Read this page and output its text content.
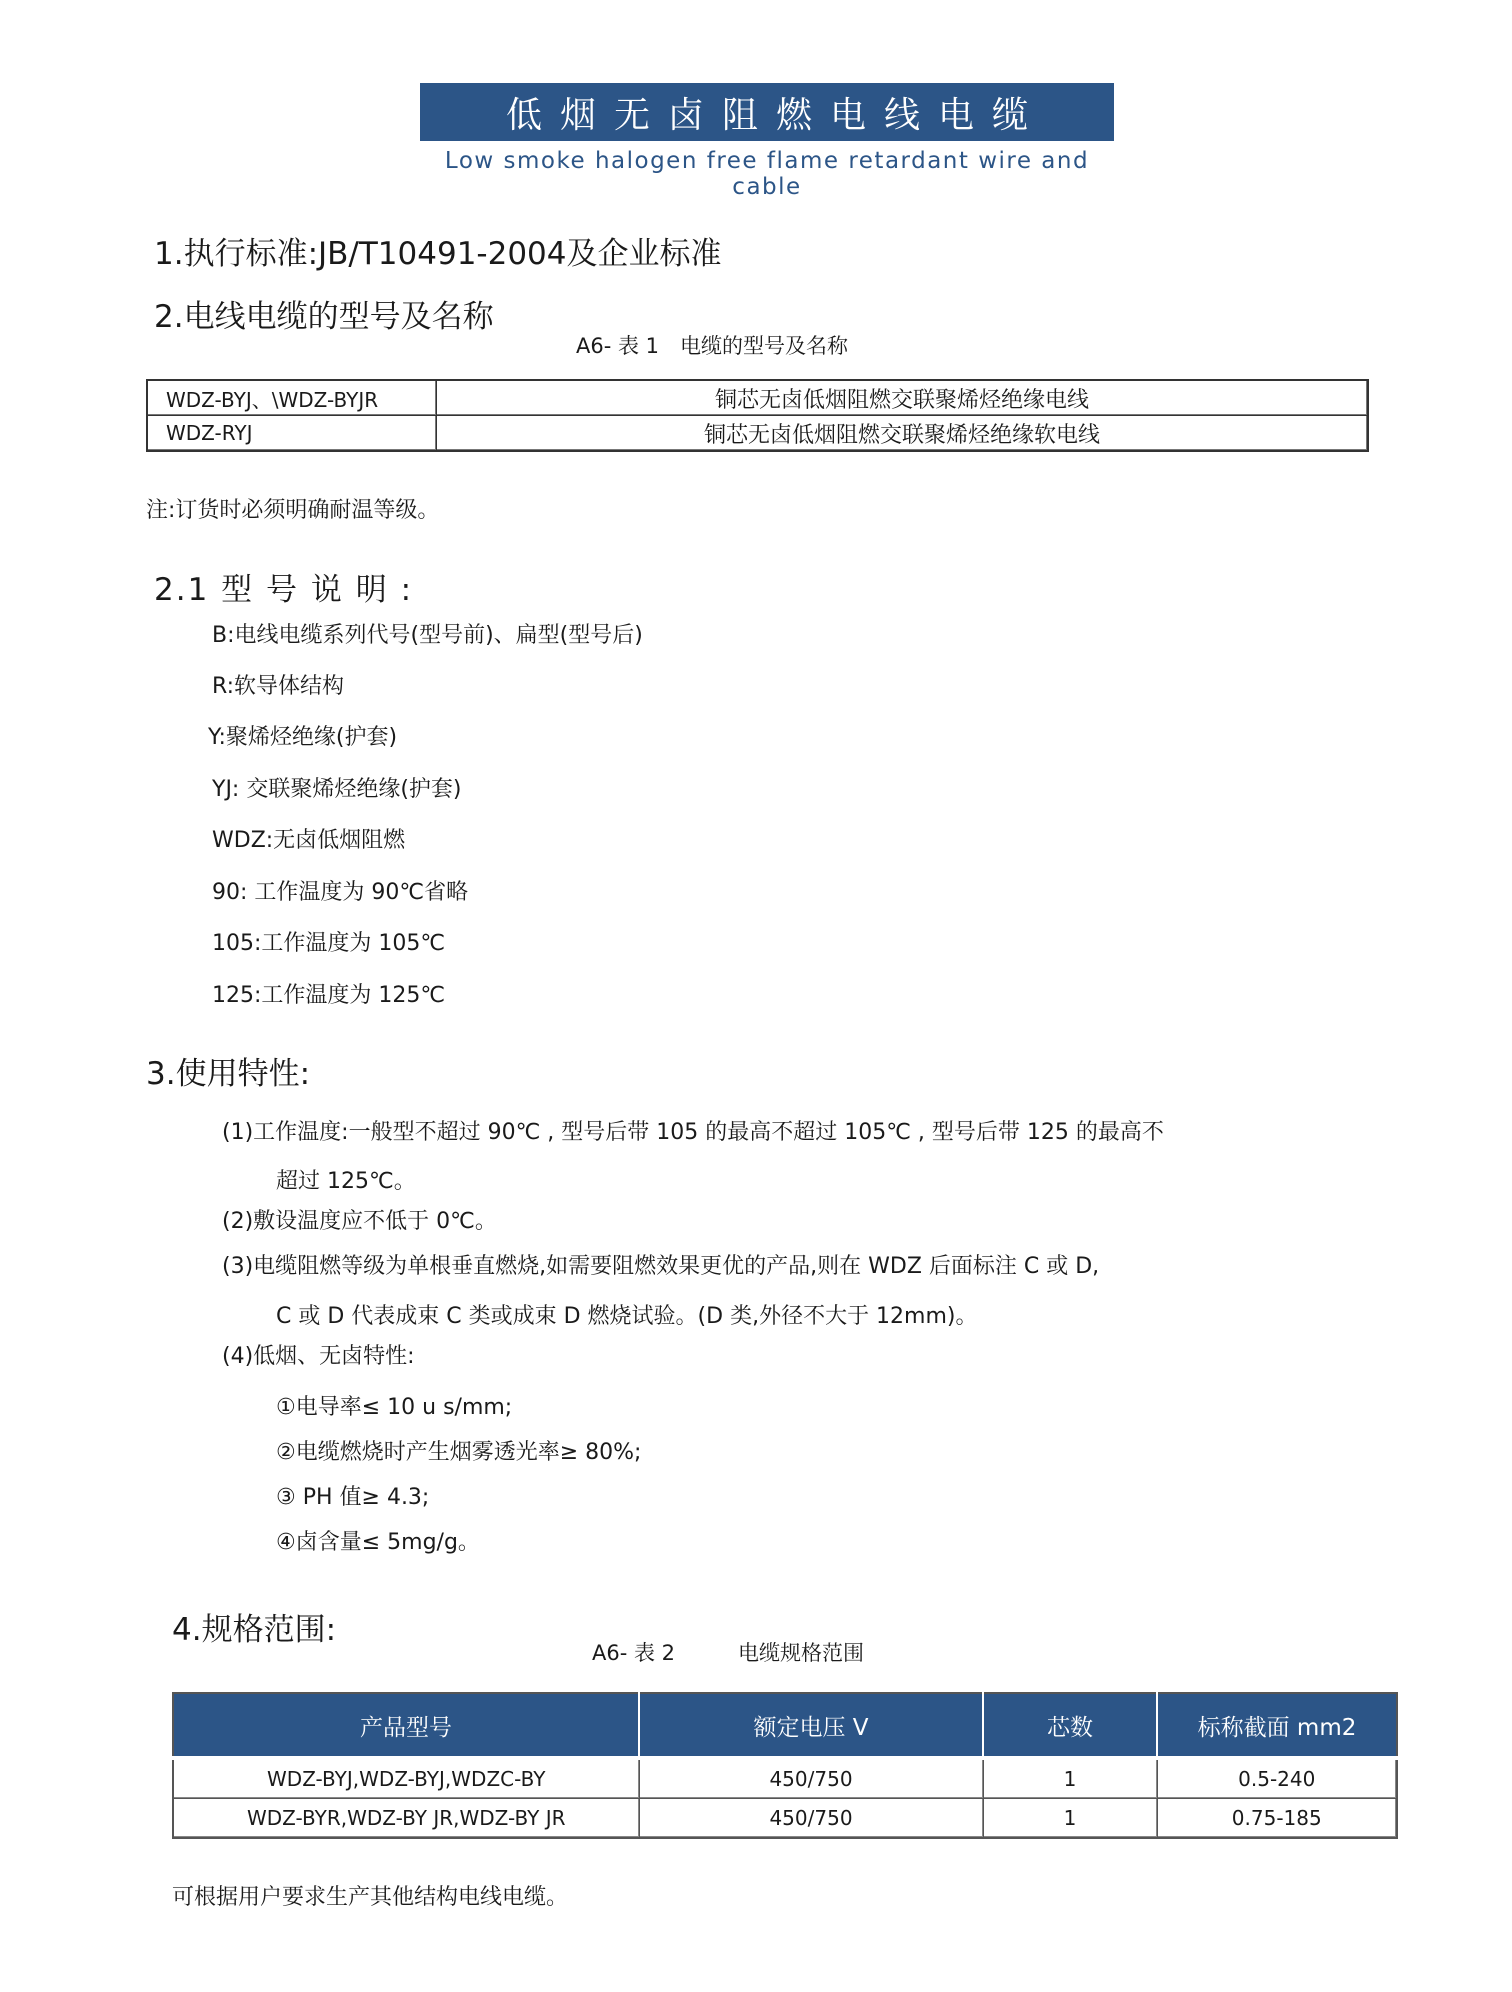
低烟无卤阻燃电线电缆
Low smoke halogen free flame retardant wire and cable
1.执行标准:JB/T10491-2004及企业标准
2.电线电缆的型号及名称
A6- 表 1　电缆的型号及名称
WDZ-BYJ、\WDZ-BYJR	铜芯无卤低烟阻燃交联聚烯烃绝缘电线
WDZ-RYJ	铜芯无卤低烟阻燃交联聚烯烃绝缘软电线
注:订货时必须明确耐温等级。
2.1 型 号 说 明 :
B:电线电缆系列代号(型号前)、扁型(型号后)
R:软导体结构
Y:聚烯烃绝缘(护套)
YJ: 交联聚烯烃绝缘(护套)
WDZ:无卤低烟阻燃
90: 工作温度为 90℃省略
105:工作温度为 105℃
125:工作温度为 125℃
3.使用特性:
(1)工作温度:一般型不超过 90℃ , 型号后带 105 的最高不超过 105℃ , 型号后带 125 的最高不
超过 125℃。
(2)敷设温度应不低于 0℃。
(3)电缆阻燃等级为单根垂直燃烧,如需要阻燃效果更优的产品,则在 WDZ 后面标注 C 或 D,
C 或 D 代表成束 C 类或成束 D 燃烧试验。(D 类,外径不大于 12mm)。
(4)低烟、无卤特性:
①电导率≤ 10 u s/mm;
②电缆燃烧时产生烟雾透光率≥ 80%;
③ PH 值≥ 4.3;
④卤含量≤ 5mg/g。
4.规格范围:
A6- 表 2　　　电缆规格范围
产品型号	额定电压 V	芯数	标称截面 mm2
WDZ-BYJ,WDZ-BYJ,WDZC-BY	450/750	1	0.5-240
WDZ-BYR,WDZ-BY JR,WDZ-BY JR	450/750	1	0.75-185
可根据用户要求生产其他结构电线电缆。
